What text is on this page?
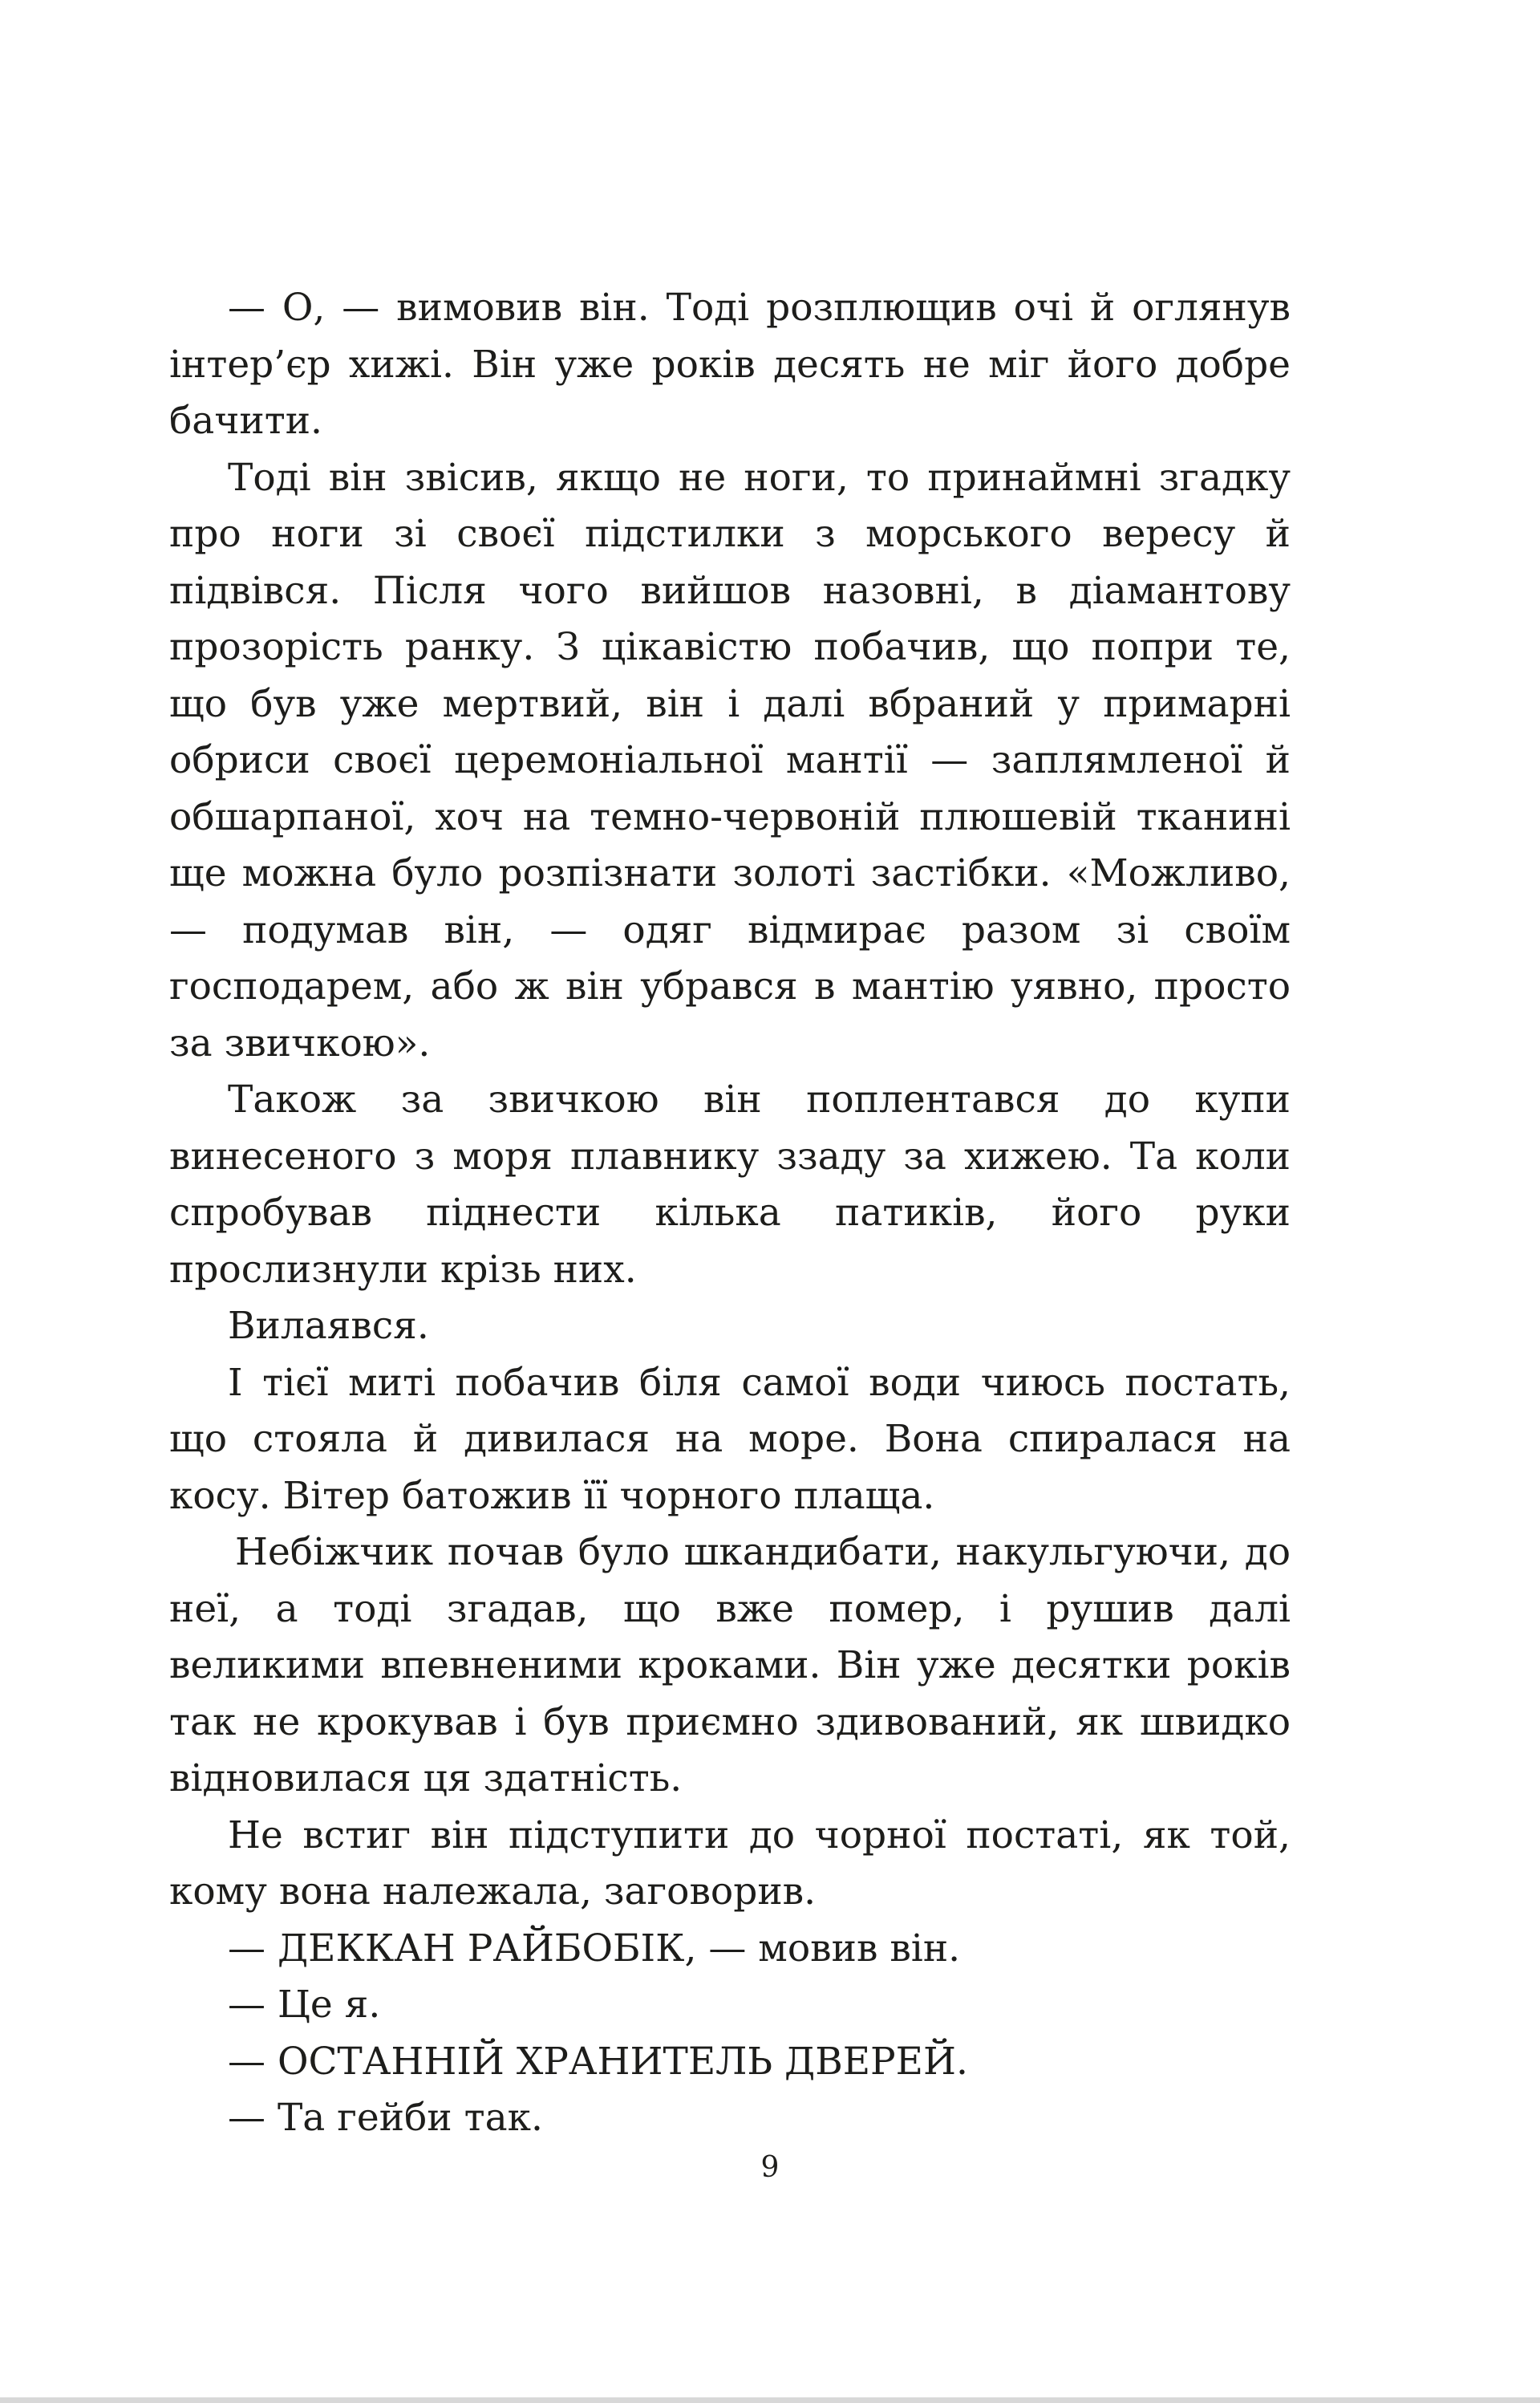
— О, — вимовив він. Тоді розплющив очі й оглянув інтер’єр хижі. Він уже років десять не міг його добре бачити.

Тоді він звісив, якщо не ноги, то принаймні згадку про ноги зі своєї підстилки з морського вересу й підвівся. Після чого вийшов назовні, в діамантову прозорість ранку. З цікавістю побачив, що попри те, що був уже мертвий, він і далі вбраний у примарні обриси своєї церемоніальної мантії — заплямленої й обшарпаної, хоч на темно-червоній плюшевій тканині ще можна було розпізнати золоті застібки. «Можливо, — подумав він, — одяг відмирає разом зі своїм господарем, або ж він убрався в мантію уявно, просто за звичкою».

Також за звичкою він поплентався до купи винесеного з моря плавнику ззаду за хижею. Та коли спробував піднести кілька патиків, його руки прослизнули крізь них.

Вилаявся.

І тієї миті побачив біля самої води чиюсь постать, що стояла й дивилася на море. Вона спиралася на косу. Вітер батожив її чорного плаща.

Небіжчик почав було шкандибати, накульгуючи, до неї, а тоді згадав, що вже помер, і рушив далі великими впевненими кроками. Він уже десятки років так не крокував і був приємно здивований, як швидко відновилася ця здатність.

Не встиг він підступити до чорної постаті, як той, кому вона належала, заговорив.

— ДЕККАН РАЙБОБІК, — мовив він.

— Це я.

— ОСТАННІЙ ХРАНИТЕЛЬ ДВЕРЕЙ.

— Та гейби так.

9
